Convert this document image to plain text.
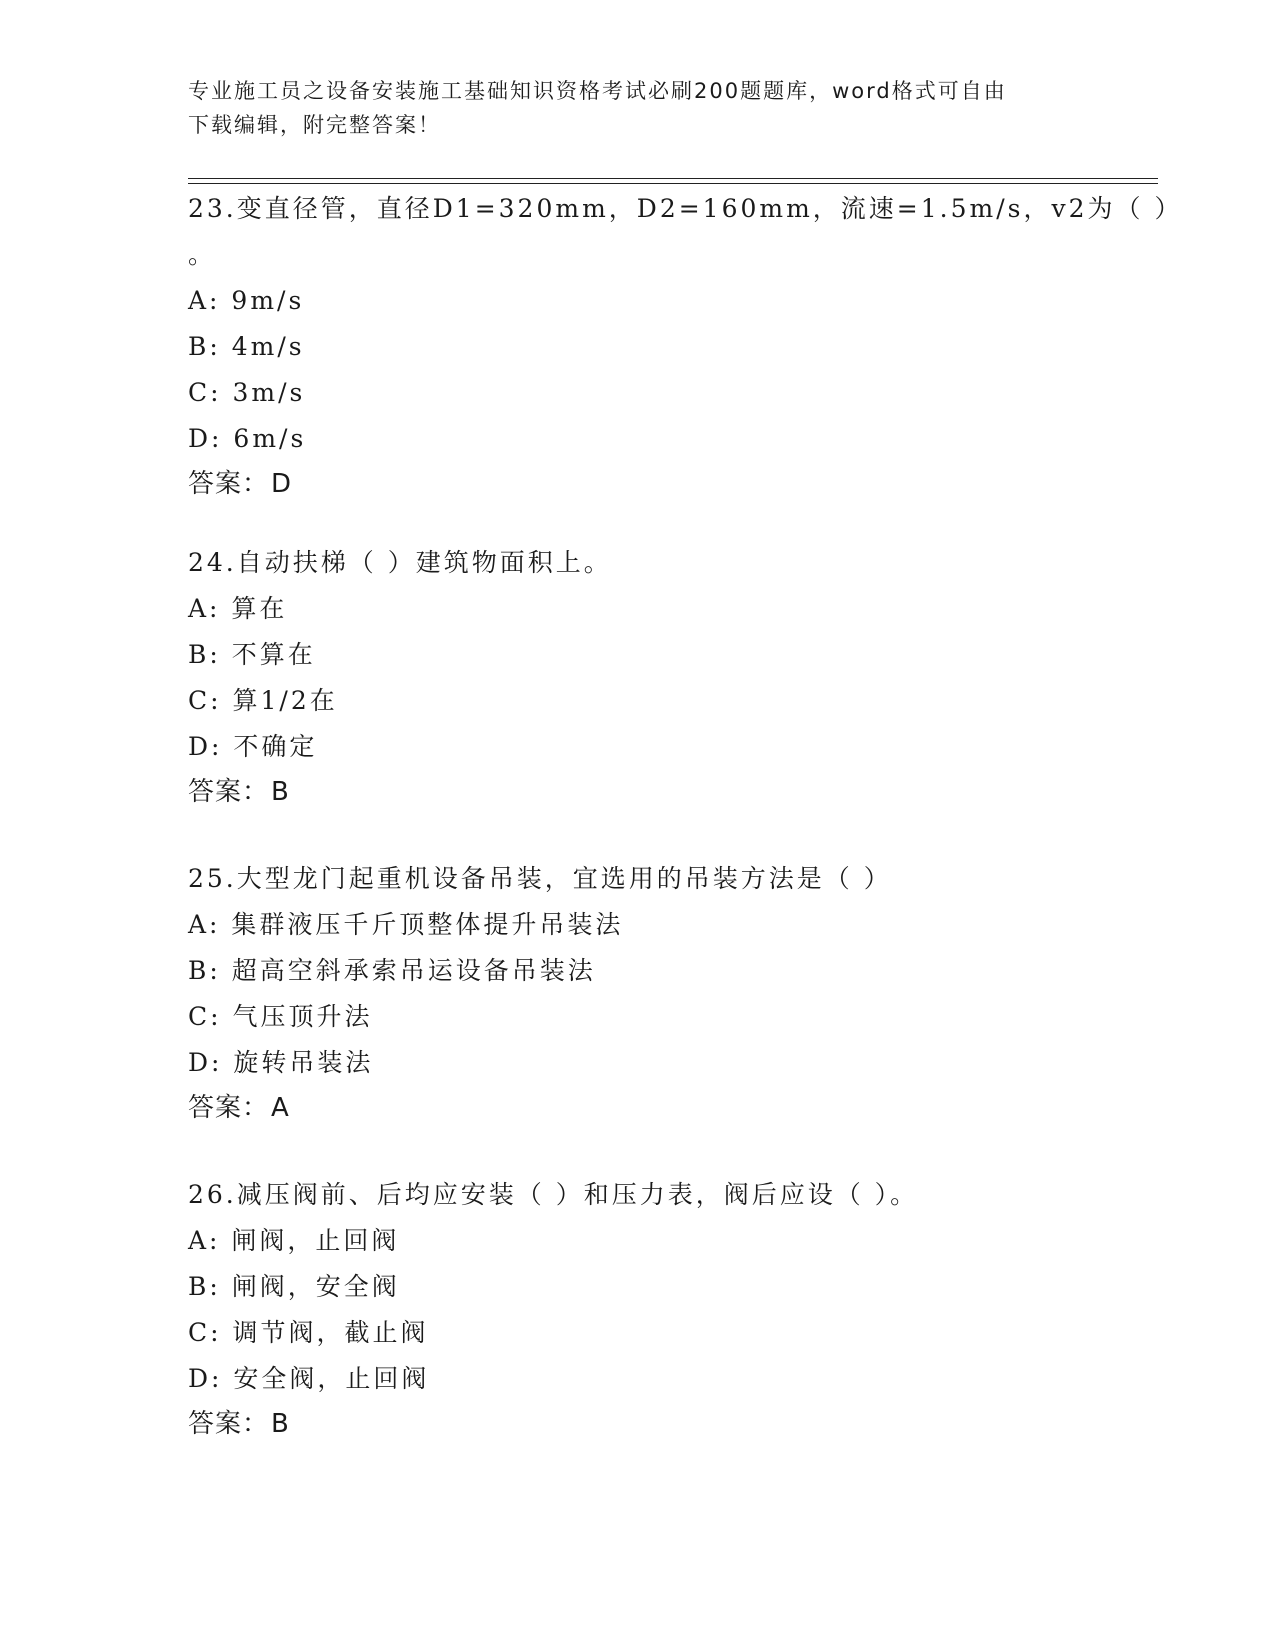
专业施工员之设备安装施工基础知识资格考试必刷200题题库，word格式可自由
下载编辑，附完整答案！
23.变直径管，直径D1=320mm，D2=160mm，流速=1.5m/s，v2为（ ）
。
A: 9m/s
B: 4m/s
C: 3m/s
D: 6m/s
答案：D
24.自动扶梯（ ）建筑物面积上。
A: 算在
B: 不算在
C: 算1/2在
D: 不确定
答案：B
25.大型龙门起重机设备吊装，宜选用的吊装方法是（ ）
A: 集群液压千斤顶整体提升吊装法
B: 超高空斜承索吊运设备吊装法
C: 气压顶升法
D: 旋转吊装法
答案：A
26.减压阀前、后均应安装（ ）和压力表，阀后应设（ ）。
A: 闸阀，止回阀
B: 闸阀，安全阀
C: 调节阀，截止阀
D: 安全阀，止回阀
答案：B
